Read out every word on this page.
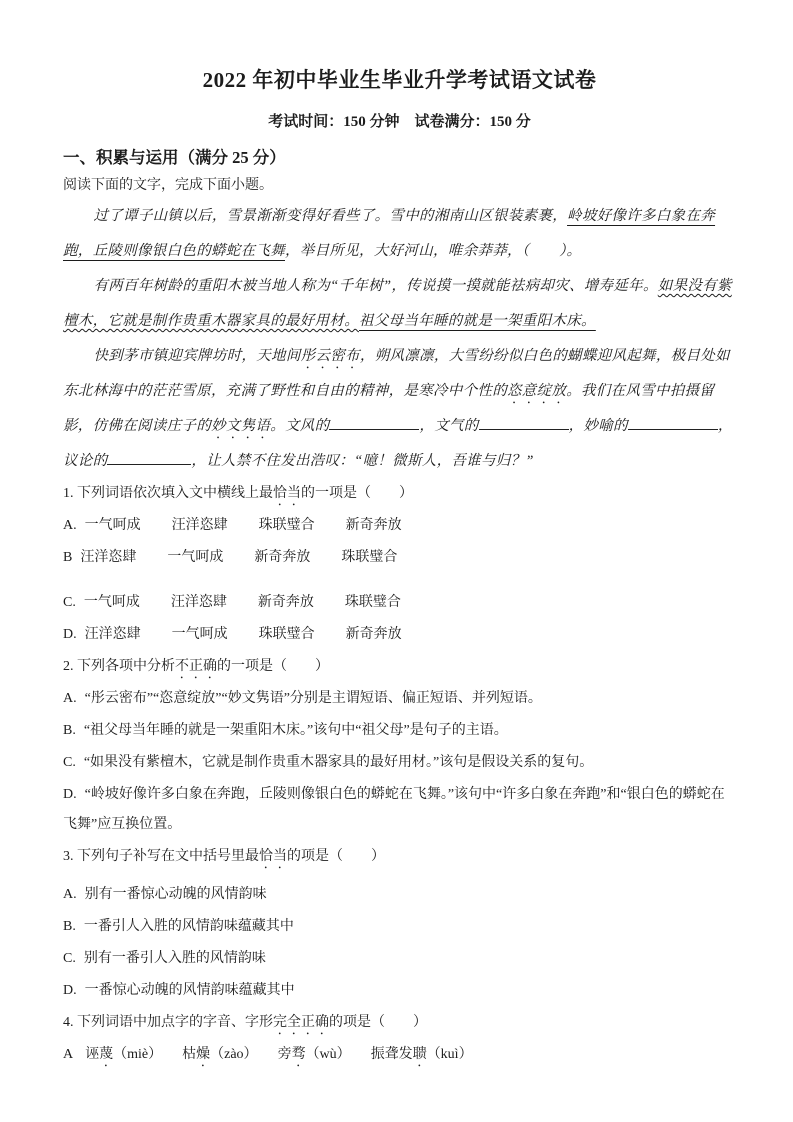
2022 年初中毕业生毕业升学考试语文试卷
考试时间：150 分钟　试卷满分：150 分
一、积累与运用（满分 25 分）
阅读下面的文字，完成下面小题。

过了谭子山镇以后，雪景渐渐变得好看些了。雪中的湘南山区银装素裹，岭坡好像许多白象在奔跑，丘陵则像银白色的蟒蛇在飞舞，举目所见，大好河山，唯余莽莽，（　　）。

有两百年树龄的重阳木被当地人称为“千年树”，传说摸一摸就能祛病却灾、增寿延年。如果没有紫檀木，它就是制作贵重木器家具的最好用材。祖父母当年睡的就是一架重阳木床。

快到茅市镇迎宾牌坊时，天地间彤云密布，朔风凛凛，大雪纷纷似白色的蝴蝶迎风起舞，极目处如东北林海中的茫茫雪原，充满了野性和自由的精神，是寒冷中个性的恣意绽放。我们在风雪中拍摄留影，仿佛在阅读庄子的妙文隽语。文风的	，文气的	，妙喻的	，议论的	，让人禁不住发出浩叹：“噫！微斯人，吾谁与归？”

1. 下列词语依次填入文中横线上最恰当的一项是（　　）
A. 一气呵成 汪洋恣肆 珠联璧合 新奇奔放
B 汪洋恣肆 一气呵成 新奇奔放 珠联璧合
C. 一气呵成 汪洋恣肆 新奇奔放 珠联璧合
D. 汪洋恣肆 一气呵成 珠联璧合 新奇奔放
2. 下列各项中分析不正确的一项是（　　）
A. “彤云密布”“恣意绽放”“妙文隽语”分别是主谓短语、偏正短语、并列短语。
B. “祖父母当年睡的就是一架重阳木床。”该句中“祖父母”是句子的主语。
C. “如果没有紫檀木，它就是制作贵重木器家具的最好用材。”该句是假设关系的复句。
D. “岭坡好像许多白象在奔跑，丘陵则像银白色的蟒蛇在飞舞。”该句中“许多白象在奔跑”和“银白色的蟒蛇在飞舞”应互换位置。
3. 下列句子补写在文中括号里最恰当的项是（　　）
A. 别有一番惊心动魄的风情韵味
B. 一番引人入胜的风情韵味蕴藏其中
C. 别有一番引人入胜的风情韵味
D. 一番惊心动魄的风情韵味蕴藏其中
4. 下列词语中加点字的字音、字形完全正确的项是（　　）
A 诬蔑（miè） 枯燥（zào） 旁骛（wù） 振聋发聩（kuì）
